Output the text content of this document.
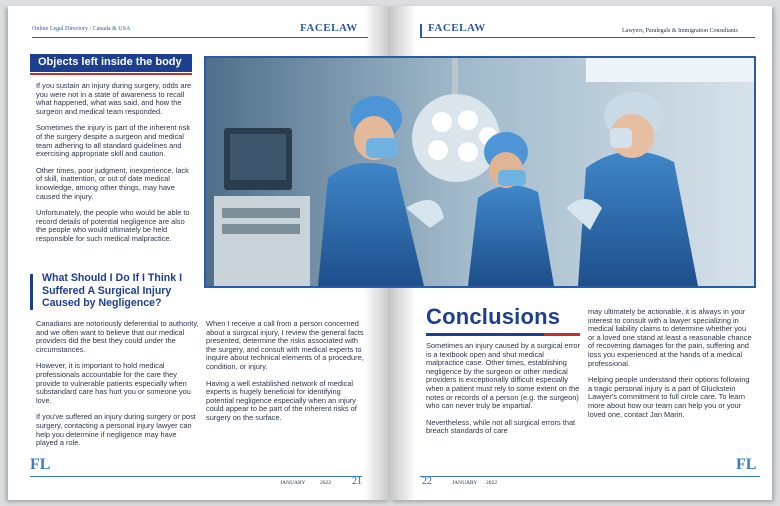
Online Legal Directory / Canada & USA	FACELAW
Objects left inside the body

If you sustain an injury during surgery, odds are you were not in a state of awareness to recall what happened, what was said, and how the surgeon and medical team responded.

Sometimes the injury is part of the inherent risk of the surgery despite a surgeon and medical team adhering to all standard guidelines and exercising appropriate skill and caution.

Other times, poor judgment, inexperience, lack of skill, inattention, or out of date medical knowledge, among other things, may have caused the injury.

Unfortunately, the people who would be able to record details of potential negligence are also the people who would ultimately be held responsible for such medical malpractice.

What Should I Do If I Think I Suffered A Surgical Injury Caused by Negligence?

Canadians are notoriously deferential to authority, and we often want to believe that our medical providers did the best they could under the circumstances.

However, it is important to hold medical professionals accountable for the care they provide to vulnerable patients especially when substandard care has hurt you or someone you love.

If you've suffered an injury during surgery or post surgery, contacting a personal injury lawyer can help you determine if negligence may have played a role.

When I receive a call from a person concerned about a surgical injury, I review the general facts presented, determine the risks associated with the surgery, and consult with medical experts to inquire about technical elements of a procedure, condition, or injury.

Having a well established network of medical experts is hugely beneficial for identifying potential negligence especially when an injury could appear to be part of the inherent risks of surgery on the surface.

FL
JANUARY	2022 21
FACELAW	Lawyers, Paralegals & Immigration Consultants
Conclusions

Sometimes an injury caused by a surgical error is a textbook open and shut medical malpractice case. Other times, establishing negligence by the surgeon or other medical providers is exceptionally difficult especially when a patient must rely to some extent on the notes or records of a person (e.g. the surgeon) who can never truly be impartial.

Nevertheless, while not all surgical errors that breach standards of care

may ultimately be actionable, it is always in your interest to consult with a lawyer specializing in medical liability claims to determine whether you or a loved one stand at least a reasonable chance of recovering damages for the pain, suffering and loss you experienced at the hands of a medical professional.

Helping people understand their options following a tragic personal injury is a part of Gluckstein Lawyer's commitment to full circle care. To learn more about how our team can help you or your loved one, contact Jan Marin.

22	JANUARY 2022
FL
